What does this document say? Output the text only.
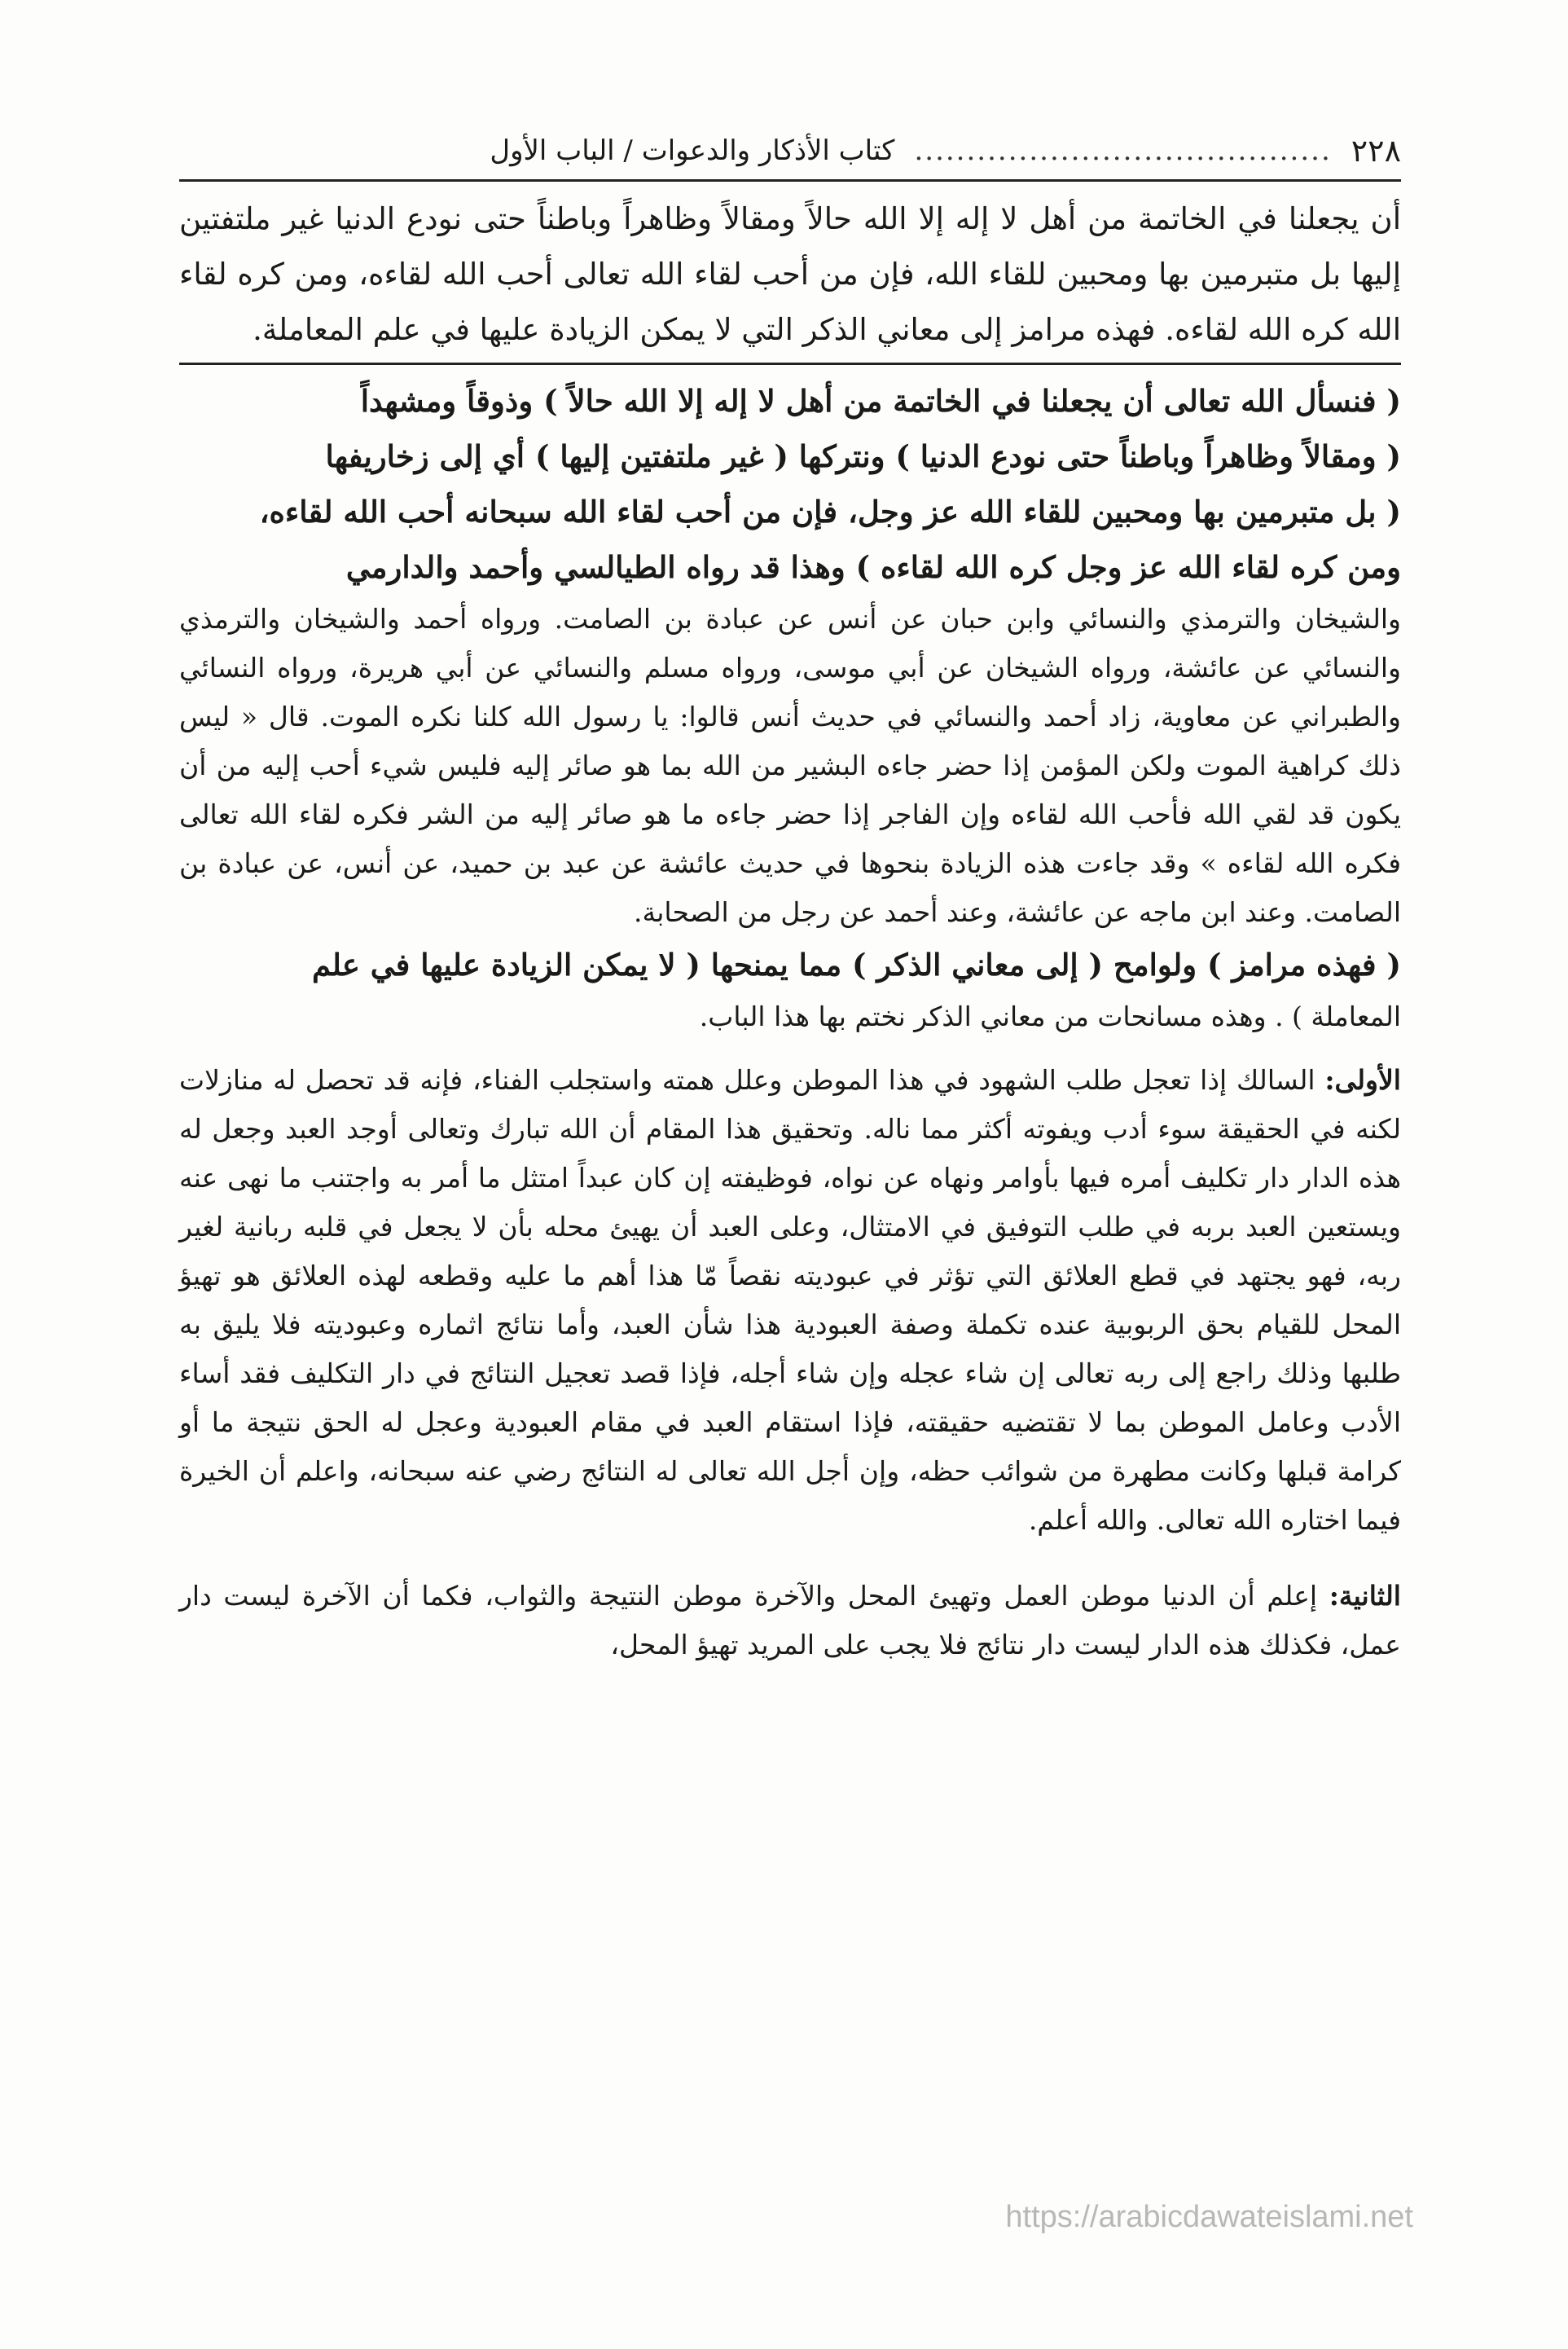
٢٢٨
........................................
كتاب الأذكار والدعوات / الباب الأول

أن يجعلنا في الخاتمة من أهل لا إله إلا الله حالاً ومقالاً وظاهراً وباطناً حتى نودع الدنيا غير ملتفتين إليها بل متبرمين بها ومحبين للقاء الله، فإن من أحب لقاء الله تعالى أحب الله لقاءه، ومن كره لقاء الله كره الله لقاءه. فهذه مرامز إلى معاني الذكر التي لا يمكن الزيادة عليها في علم المعاملة.

( فنسأل الله تعالى أن يجعلنا في الخاتمة من أهل لا إله إلا الله حالاً ) وذوقاً ومشهداً

( ومقالاً وظاهراً وباطناً حتى نودع الدنيا ) ونتركها ( غير ملتفتين إليها ) أي إلى زخاريفها

( بل متبرمين بها ومحبين للقاء الله عز وجل، فإن من أحب لقاء الله سبحانه أحب الله لقاءه،

ومن كره لقاء الله عز وجل كره الله لقاءه ) وهذا قد رواه الطيالسي وأحمد والدارمي

والشيخان والترمذي والنسائي وابن حبان عن أنس عن عبادة بن الصامت. ورواه أحمد والشيخان والترمذي والنسائي عن عائشة، ورواه الشيخان عن أبي موسى، ورواه مسلم والنسائي عن أبي هريرة، ورواه النسائي والطبراني عن معاوية، زاد أحمد والنسائي في حديث أنس قالوا: يا رسول الله كلنا نكره الموت. قال « ليس ذلك كراهية الموت ولكن المؤمن إذا حضر جاءه البشير من الله بما هو صائر إليه فليس شيء أحب إليه من أن يكون قد لقي الله فأحب الله لقاءه وإن الفاجر إذا حضر جاءه ما هو صائر إليه من الشر فكره لقاء الله تعالى فكره الله لقاءه » وقد جاءت هذه الزيادة بنحوها في حديث عائشة عن عبد بن حميد، عن أنس، عن عبادة بن الصامت. وعند ابن ماجه عن عائشة، وعند أحمد عن رجل من الصحابة.

( فهذه مرامز ) ولوامح ( إلى معاني الذكر ) مما يمنحها ( لا يمكن الزيادة عليها في علم

المعاملة ) . وهذه مسانحات من معاني الذكر نختم بها هذا الباب.

الأولى: السالك إذا تعجل طلب الشهود في هذا الموطن وعلل همته واستجلب الفناء، فإنه قد تحصل له منازلات لكنه في الحقيقة سوء أدب ويفوته أكثر مما ناله. وتحقيق هذا المقام أن الله تبارك وتعالى أوجد العبد وجعل له هذه الدار دار تكليف أمره فيها بأوامر ونهاه عن نواه، فوظيفته إن كان عبداً امتثل ما أمر به واجتنب ما نهى عنه ويستعين العبد بربه في طلب التوفيق في الامتثال، وعلى العبد أن يهيئ محله بأن لا يجعل في قلبه ربانية لغير ربه، فهو يجتهد في قطع العلائق التي تؤثر في عبوديته نقصاً مّا هذا أهم ما عليه وقطعه لهذه العلائق هو تهيؤ المحل للقيام بحق الربوبية عنده تكملة وصفة العبودية هذا شأن العبد، وأما نتائج اثماره وعبوديته فلا يليق به طلبها وذلك راجع إلى ربه تعالى إن شاء عجله وإن شاء أجله، فإذا قصد تعجيل النتائج في دار التكليف فقد أساء الأدب وعامل الموطن بما لا تقتضيه حقيقته، فإذا استقام العبد في مقام العبودية وعجل له الحق نتيجة ما أو كرامة قبلها وكانت مطهرة من شوائب حظه، وإن أجل الله تعالى له النتائج رضي عنه سبحانه، واعلم أن الخيرة فيما اختاره الله تعالى. والله أعلم.

الثانية: إعلم أن الدنيا موطن العمل وتهيئ المحل والآخرة موطن النتيجة والثواب، فكما أن الآخرة ليست دار عمل، فكذلك هذه الدار ليست دار نتائج فلا يجب على المريد تهيؤ المحل،

https://arabicdawateislami.net
